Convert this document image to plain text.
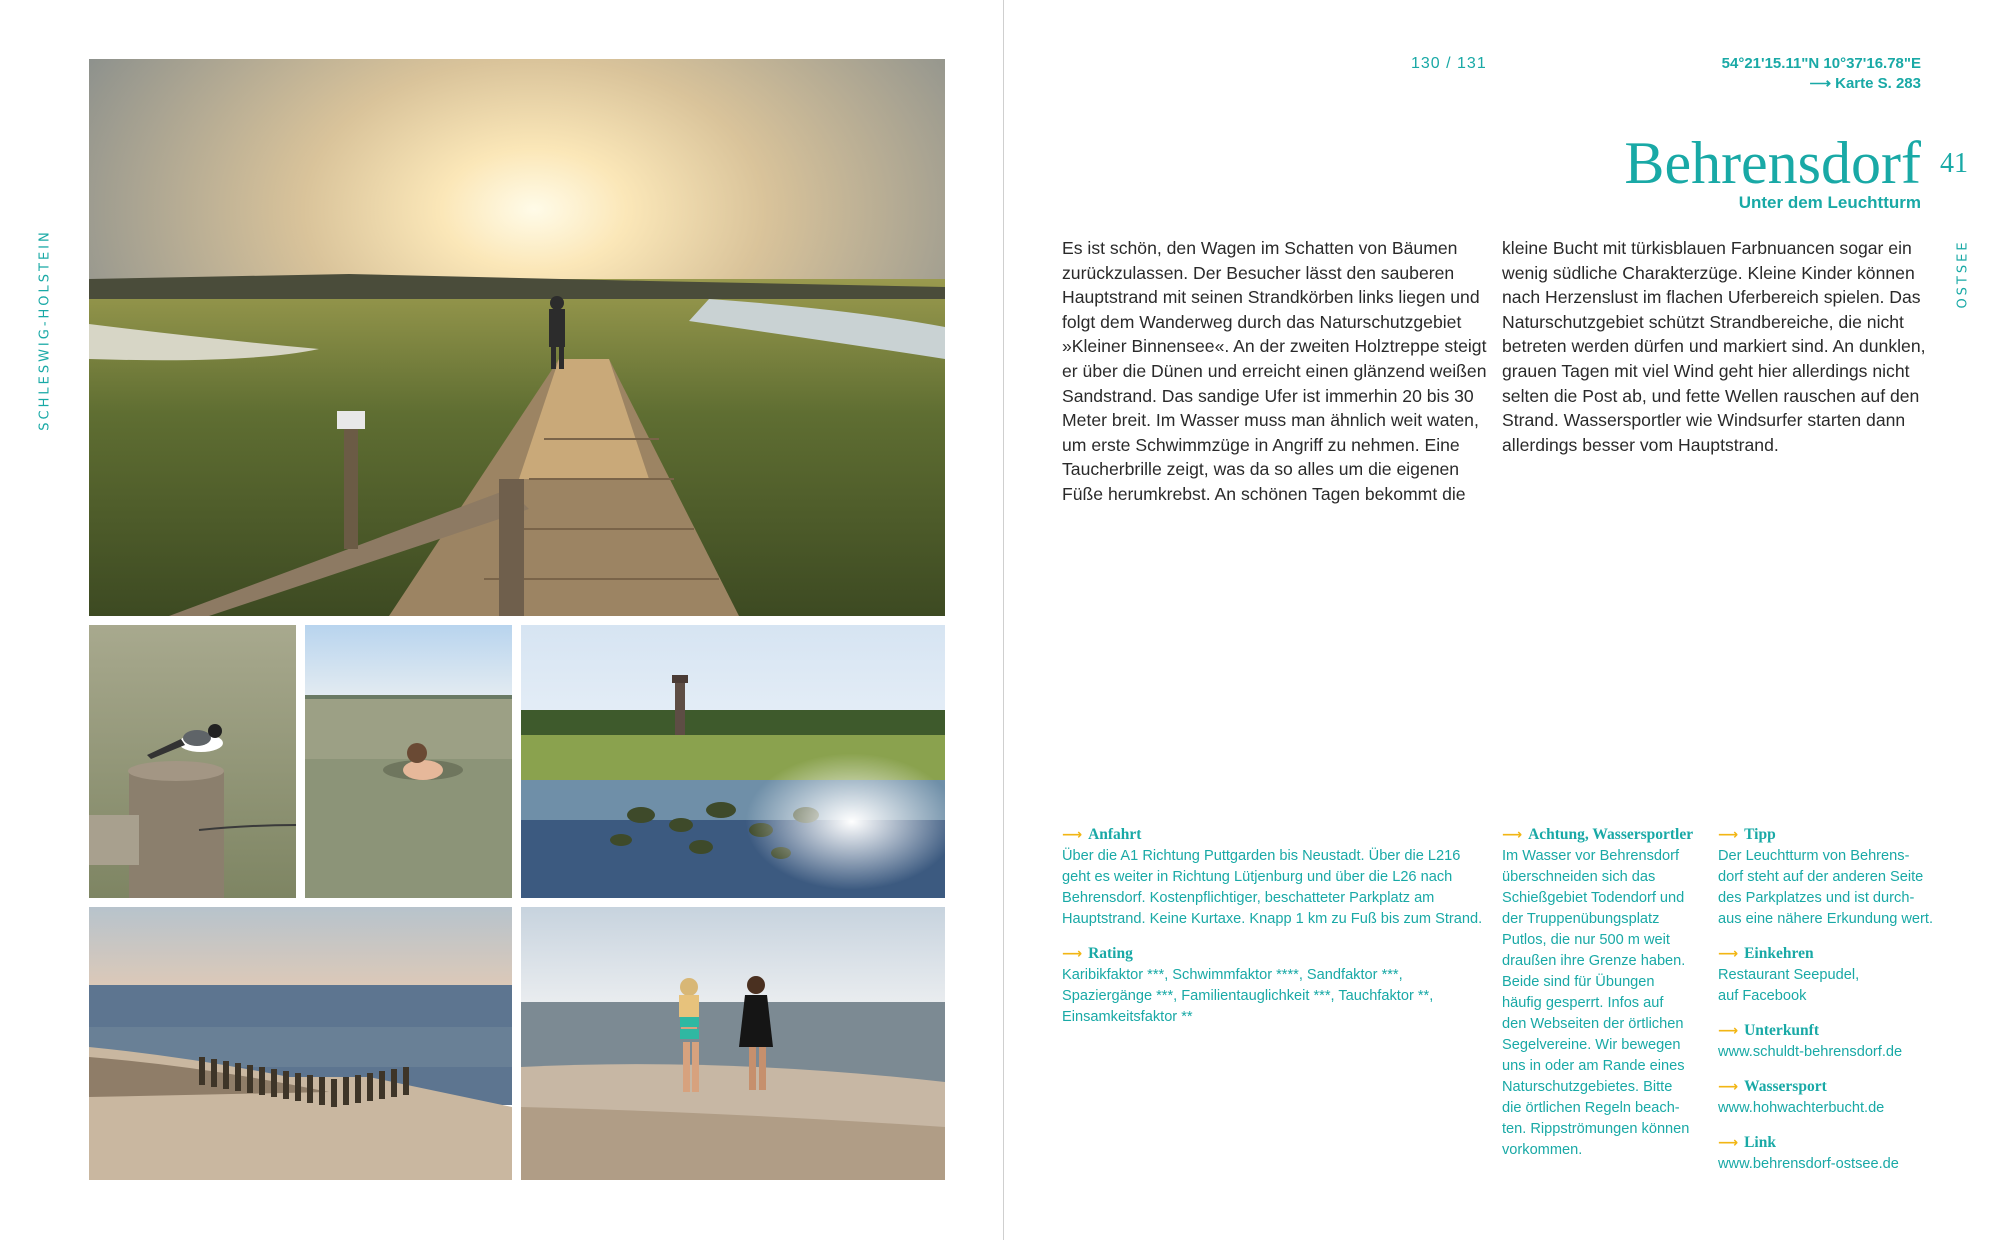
SCHLESWIG-HOLSTEIN
130 / 131	54°21'15.11"N 10°37'16.78"E
⟶ Karte S. 283
Behrensdorf 41
Unter dem Leuchtturm
OSTSEE
Es ist schön, den Wagen im Schatten von Bäumen
zurückzulassen. Der Besucher lässt den sauberen
Hauptstrand mit seinen Strandkörben links liegen und
folgt dem Wanderweg durch das Naturschutzgebiet
»Kleiner Binnensee«. An der zweiten Holztreppe steigt
er über die Dünen und erreicht einen glänzend weißen
Sandstrand. Das sandige Ufer ist immerhin 20 bis 30
Meter breit. Im Wasser muss man ähnlich weit waten,
um erste Schwimmzüge in Angriff zu nehmen. Eine
Taucherbrille zeigt, was da so alles um die eigenen
Füße herumkrebst. An schönen Tagen bekommt die
kleine Bucht mit türkisblauen Farbnuancen sogar ein
wenig südliche Charakterzüge. Kleine Kinder können
nach Herzenslust im flachen Uferbereich spielen. Das
Naturschutzgebiet schützt Strandbereiche, die nicht
betreten werden dürfen und markiert sind. An dunklen,
grauen Tagen mit viel Wind geht hier allerdings nicht
selten die Post ab, und fette Wellen rauschen auf den
Strand. Wassersportler wie Windsurfer starten dann
allerdings besser vom Hauptstrand.
⟶ Anfahrt
Über die A1 Richtung Puttgarden bis Neustadt. Über die L216
geht es weiter in Richtung Lütjenburg und über die L26 nach
Behrensdorf. Kostenpflichtiger, beschatteter Parkplatz am
Hauptstrand. Keine Kurtaxe. Knapp 1 km zu Fuß bis zum Strand.
⟶ Rating
Karibikfaktor ***, Schwimmfaktor ****, Sandfaktor ***,
Spaziergänge ***, Familientauglichkeit ***, Tauchfaktor **,
Einsamkeitsfaktor **
⟶ Achtung, Wassersportler
Im Wasser vor Behrensdorf
überschneiden sich das
Schießgebiet Todendorf und
der Truppenübungsplatz
Putlos, die nur 500 m weit
draußen ihre Grenze haben.
Beide sind für Übungen
häufig gesperrt. Infos auf
den Webseiten der örtlichen
Segelvereine. Wir bewegen
uns in oder am Rande eines
Naturschutzgebietes. Bitte
die örtlichen Regeln beach-
ten. Rippströmungen können
vorkommen.
⟶ Tipp
Der Leuchtturm von Behrens-
dorf steht auf der anderen Seite
des Parkplatzes und ist durch-
aus eine nähere Erkundung wert.
⟶ Einkehren
Restaurant Seepudel,
auf Facebook
⟶ Unterkunft
www.schuldt-behrensdorf.de
⟶ Wassersport
www.hohwachterbucht.de
⟶ Link
www.behrensdorf-ostsee.de
